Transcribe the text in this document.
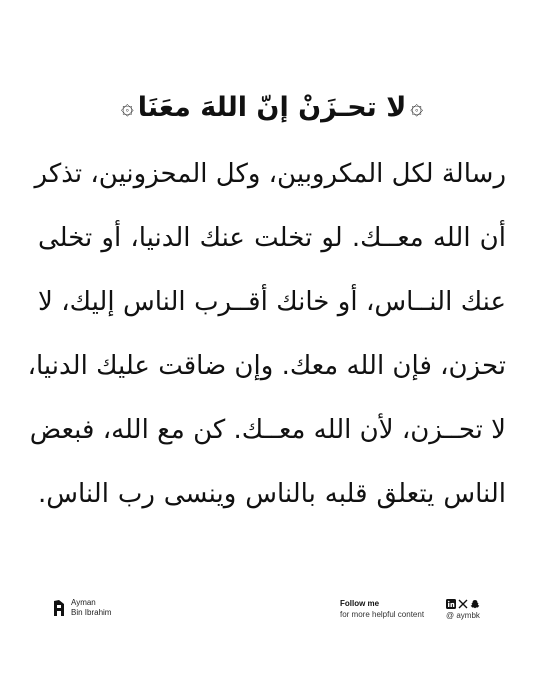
۞
لا تحـزَنْ إنّ اللهَ معَنَا
۞
رسالة لكل المكروبين، وكل المحزونين، تذكر
أن الله معــك. لو تخلت عنك الدنيا، أو تخلى
عنك النــاس، أو خانك أقــرب الناس إليك، لا
تحزن، فإن الله معك. وإن ضاقت عليك الدنيا،
لا تحــزن، لأن الله معــك. كن مع الله، فبعض
الناس يتعلق قلبه بالناس وينسى رب الناس.
Ayman
Bin Ibrahim
Follow me
for more helpful content	@ aymbk
